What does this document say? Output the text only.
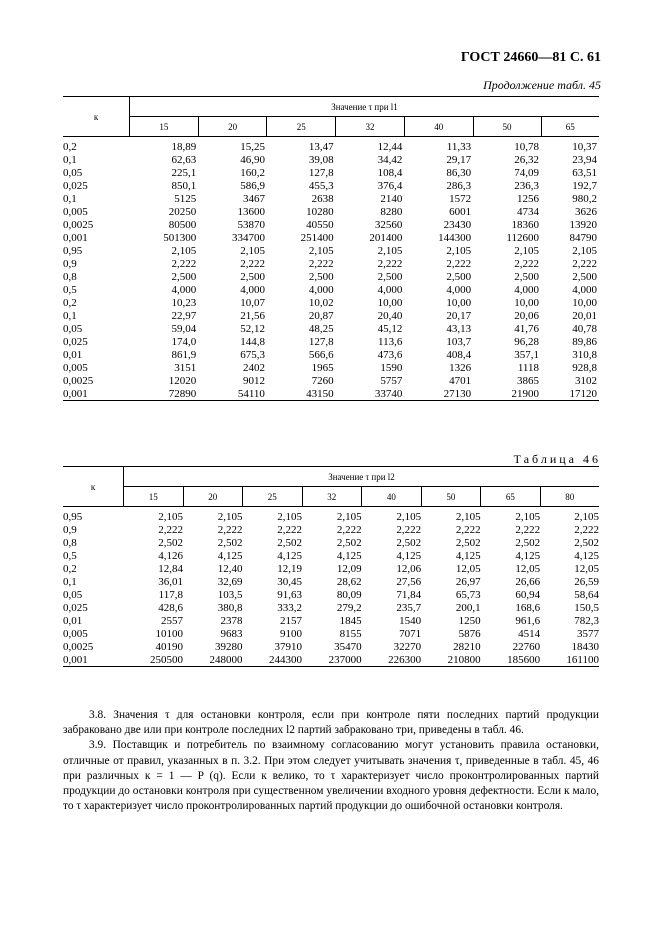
ГОСТ 24660—81 С. 61
Продолжение табл. 45
к	Значение τ при l1						
	15	20	25	32	40	50	65
0,2	18,89	15,25	13,47	12,44	11,33	10,78	10,37
0,1	62,63	46,90	39,08	34,42	29,17	26,32	23,94
0,05	225,1	160,2	127,8	108,4	86,30	74,09	63,51
0,025	850,1	586,9	455,3	376,4	286,3	236,3	192,7
0,1	5125	3467	2638	2140	1572	1256	980,2
0,005	20250	13600	10280	8280	6001	4734	3626
0,0025	80500	53870	40550	32560	23430	18360	13920
0,001	501300	334700	251400	201400	144300	112600	84790
0,95	2,105	2,105	2,105	2,105	2,105	2,105	2,105
0,9	2,222	2,222	2,222	2,222	2,222	2,222	2,222
0,8	2,500	2,500	2,500	2,500	2,500	2,500	2,500
0,5	4,000	4,000	4,000	4,000	4,000	4,000	4,000
0,2	10,23	10,07	10,02	10,00	10,00	10,00	10,00
0,1	22,97	21,56	20,87	20,40	20,17	20,06	20,01
0,05	59,04	52,12	48,25	45,12	43,13	41,76	40,78
0,025	174,0	144,8	127,8	113,6	103,7	96,28	89,86
0,01	861,9	675,3	566,6	473,6	408,4	357,1	310,8
0,005	3151	2402	1965	1590	1326	1118	928,8
0,0025	12020	9012	7260	5757	4701	3865	3102
0,001	72890	54110	43150	33740	27130	21900	17120
Таблица 46
к	Значение τ при l2							
	15	20	25	32	40	50	65	80
0,95	2,105	2,105	2,105	2,105	2,105	2,105	2,105	2,105
0,9	2,222	2,222	2,222	2,222	2,222	2,222	2,222	2,222
0,8	2,502	2,502	2,502	2,502	2,502	2,502	2,502	2,502
0,5	4,126	4,125	4,125	4,125	4,125	4,125	4,125	4,125
0,2	12,84	12,40	12,19	12,09	12,06	12,05	12,05	12,05
0,1	36,01	32,69	30,45	28,62	27,56	26,97	26,66	26,59
0,05	117,8	103,5	91,63	80,09	71,84	65,73	60,94	58,64
0,025	428,6	380,8	333,2	279,2	235,7	200,1	168,6	150,5
0,01	2557	2378	2157	1845	1540	1250	961,6	782,3
0,005	10100	9683	9100	8155	7071	5876	4514	3577
0,0025	40190	39280	37910	35470	32270	28210	22760	18430
0,001	250500	248000	244300	237000	226300	210800	185600	161100

3.8. Значения τ для остановки контроля, если при контроле пяти последних партий продукции забраковано две или при контроле последних l2 партий забраковано три, приведены в табл. 46.

3.9. Поставщик и потребитель по взаимному согласованию могут установить правила остановки, отличные от правил, указанных в п. 3.2. При этом следует учитывать значения τ, приведенные в табл. 45, 46 при различных к = 1 — P (q). Если к велико, то τ характеризует число проконтролированных партий продукции до остановки контроля при существенном увеличении входного уровня дефектности. Если к мало, то τ характеризует число проконтролированных партий продукции до ошибочной остановки контроля.
